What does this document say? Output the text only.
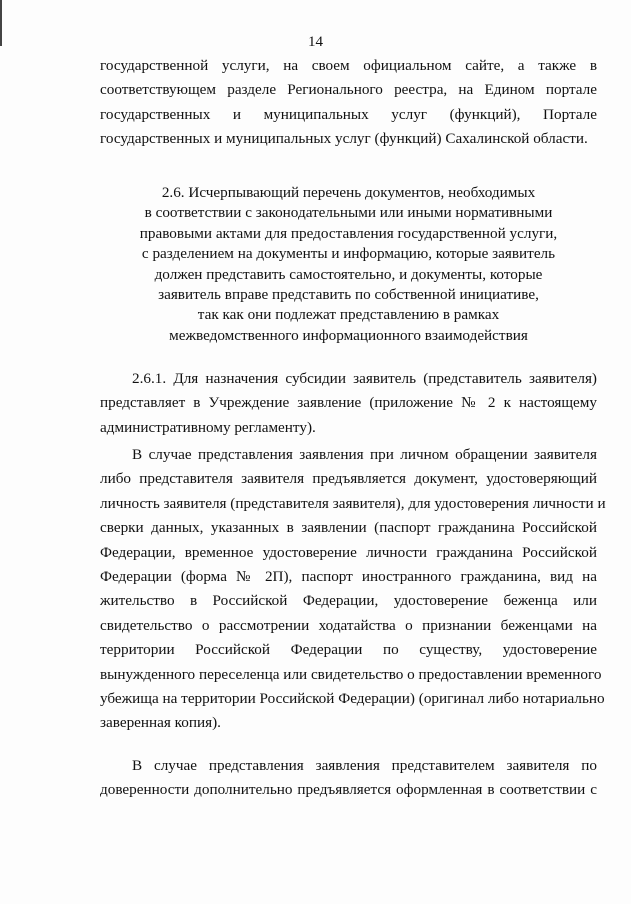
14
государственной услуги, на своем официальном сайте, а также в
соответствующем разделе Регионального реестра, на Едином портале
государственных и муниципальных услуг (функций), Портале
государственных и муниципальных услуг (функций) Сахалинской области.
2.6. Исчерпывающий перечень документов, необходимых
в соответствии с законодательными или иными нормативными
правовыми актами для предоставления государственной услуги,
с разделением на документы и информацию, которые заявитель
должен представить самостоятельно, и документы, которые
заявитель вправе представить по собственной инициативе,
так как они подлежат представлению в рамках
межведомственного информационного взаимодействия
2.6.1. Для назначения субсидии заявитель (представитель заявителя)
представляет в Учреждение заявление (приложение № 2 к настоящему
административному регламенту).
В случае представления заявления при личном обращении заявителя
либо представителя заявителя предъявляется документ, удостоверяющий
личность заявителя (представителя заявителя), для удостоверения личности и
сверки данных, указанных в заявлении (паспорт гражданина Российской
Федерации, временное удостоверение личности гражданина Российской
Федерации (форма № 2П), паспорт иностранного гражданина, вид на
жительство в Российской Федерации, удостоверение беженца или
свидетельство о рассмотрении ходатайства о признании беженцами на
территории Российской Федерации по существу, удостоверение
вынужденного переселенца или свидетельство о предоставлении временного
убежища на территории Российской Федерации) (оригинал либо нотариально
заверенная копия).
В случае представления заявления представителем заявителя по
доверенности дополнительно предъявляется оформленная в соответствии с
